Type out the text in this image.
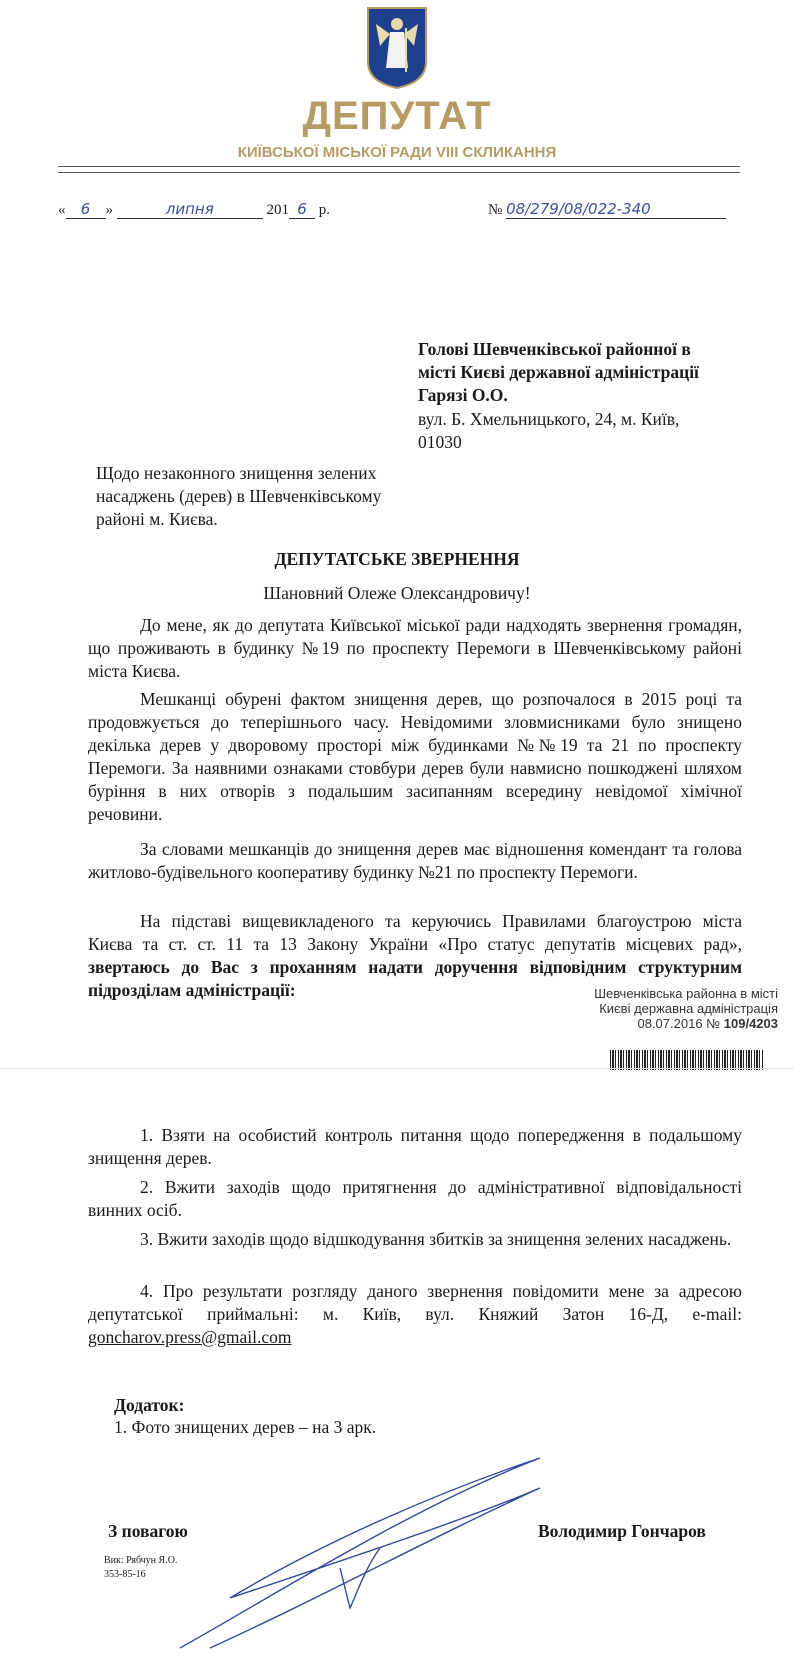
ДЕПУТАТ
КИЇВСЬКОЇ МІСЬКОЇ РАДИ VIII СКЛИКАННЯ
« 6 »	липня	201 6 р.	№ 08/279/08/022-340
Голові Шевченківської районної в
місті Києві державної адміністрації
Гарязі О.О.
вул. Б. Хмельницького, 24, м. Київ,
01030
Щодо незаконного знищення зелених
насаджень (дерев) в Шевченківському
районі м. Києва.
ДЕПУТАТСЬКЕ ЗВЕРНЕННЯ
Шановний Олеже Олександровичу!
До мене, як до депутата Київської міської ради надходять звернення громадян, що проживають в будинку №19 по проспекту Перемоги в Шевченківському районі міста Києва.
Мешканці обурені фактом знищення дерев, що розпочалося в 2015 році та продовжується до теперішнього часу. Невідомими зловмисниками було знищено декілька дерев у дворовому просторі між будинками №№19 та 21 по проспекту Перемоги. За наявними ознаками стовбури дерев були навмисно пошкоджені шляхом буріння в них отворів з подальшим засипанням всередину невідомої хімічної речовини.
За словами мешканців до знищення дерев має відношення комендант та голова житлово-будівельного кооперативу будинку №21 по проспекту Перемоги.
На підставі вищевикладеного та керуючись Правилами благоустрою міста Києва та ст. ст. 11 та 13 Закону України «Про статус депутатів місцевих рад», звертаюсь до Вас з проханням надати доручення відповідним структурним підрозділам адміністрації:	Шевченківська районна в місті
Києві державна адміністрація
08.07.2016 № 109/4203
1. Взяти на особистий контроль питання щодо попередження в подальшому знищення дерев.
2. Вжити заходів щодо притягнення до адміністративної відповідальності винних осіб.
3. Вжити заходів щодо відшкодування збитків за знищення зелених насаджень.
4. Про результати розгляду даного звернення повідомити мене за адресою депутатської приймальні: м. Київ, вул. Княжий Затон 16-Д, e-mail: goncharov.press@gmail.com
Додаток:
1. Фото знищених дерев – на 3 арк.
З повагою	Володимир Гончаров
Вик: Рябчун Я.О.
353-85-16
